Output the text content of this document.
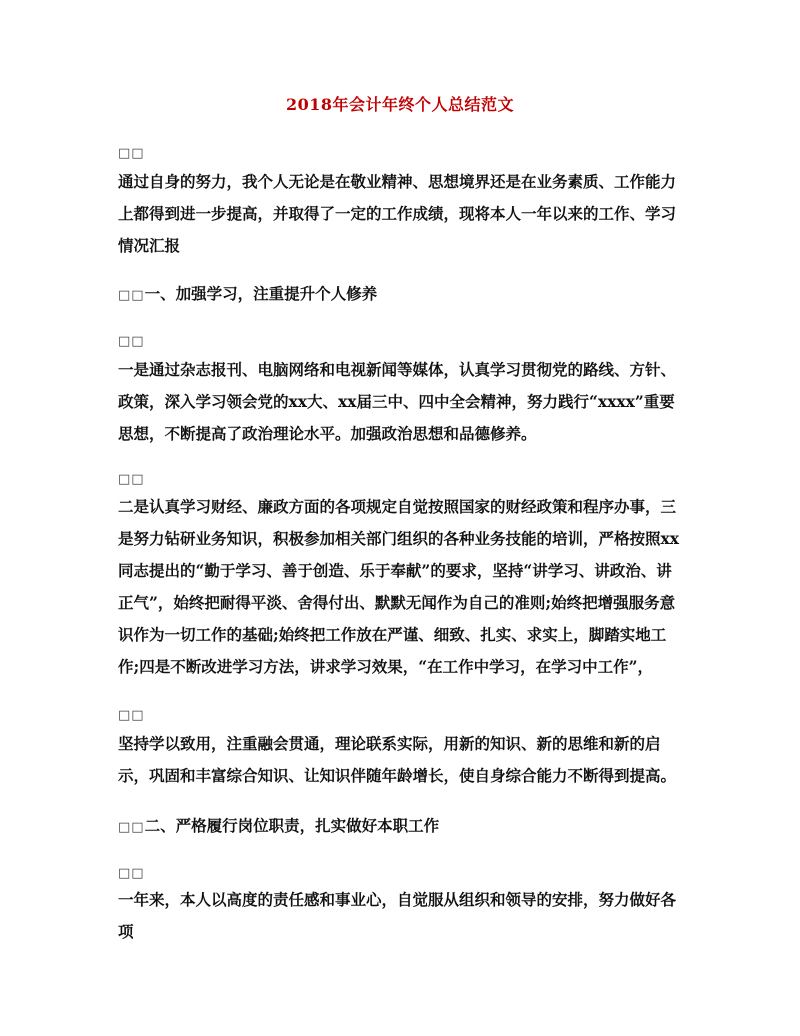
2018年会计年终个人总结范文
□□
通过自身的努力，我个人无论是在敬业精神、思想境界还是在业务素质、工作能力上都得到进一步提高，并取得了一定的工作成绩，现将本人一年以来的工作、学习情况汇报
□□一、加强学习，注重提升个人修养
□□
一是通过杂志报刊、电脑网络和电视新闻等媒体，认真学习贯彻党的路线、方针、政策，深入学习领会党的xx大、xx届三中、四中全会精神，努力践行“xxxx”重要思想，不断提高了政治理论水平。加强政治思想和品德修养。
□□
二是认真学习财经、廉政方面的各项规定自觉按照国家的财经政策和程序办事，三是努力钻研业务知识，积极参加相关部门组织的各种业务技能的培训，严格按照xx同志提出的“勤于学习、善于创造、乐于奉献”的要求，坚持“讲学习、讲政治、讲正气”，始终把耐得平淡、舍得付出、默默无闻作为自己的准则;始终把增强服务意识作为一切工作的基础;始终把工作放在严谨、细致、扎实、求实上，脚踏实地工作;四是不断改进学习方法，讲求学习效果，“在工作中学习，在学习中工作”，
□□
坚持学以致用，注重融会贯通，理论联系实际，用新的知识、新的思维和新的启示，巩固和丰富综合知识、让知识伴随年龄增长，使自身综合能力不断得到提高。
□□二、严格履行岗位职责，扎实做好本职工作
□□
一年来，本人以高度的责任感和事业心，自觉服从组织和领导的安排，努力做好各项
